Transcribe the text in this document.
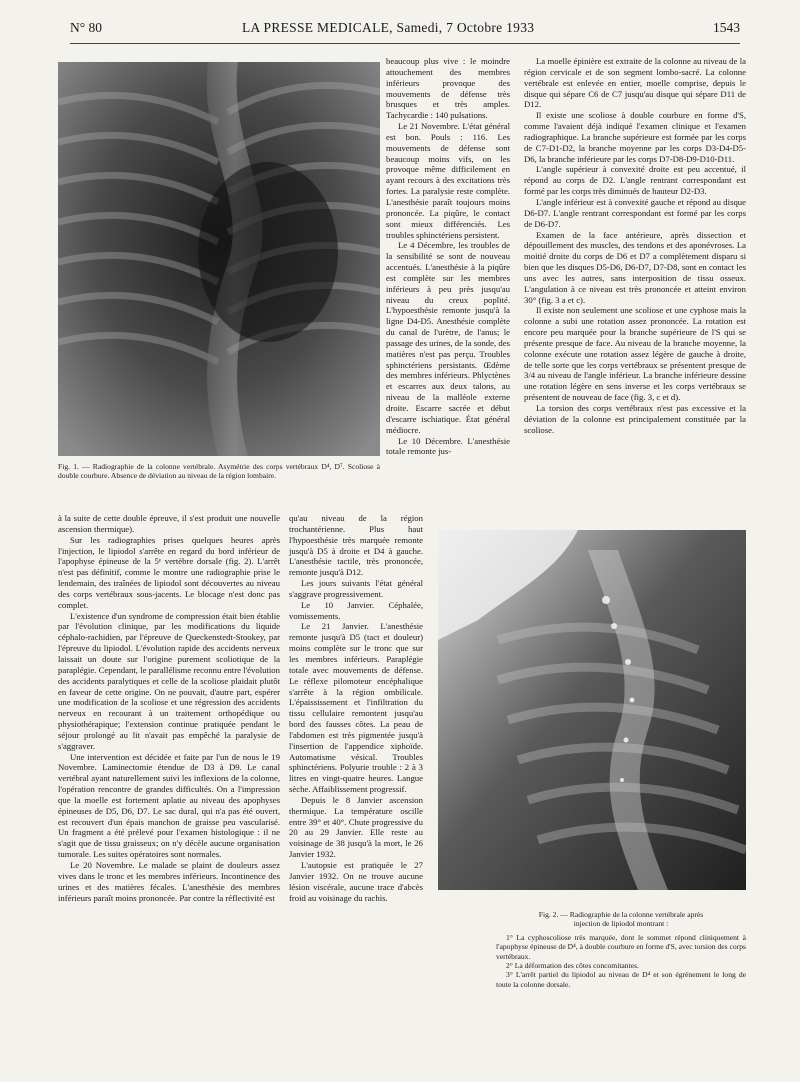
N° 80	LA PRESSE MEDICALE, Samedi, 7 Octobre 1933	1543

Fig. 1. — Radiographie de la colonne vertébrale. Asymétrie des corps vertébraux D⁴, D⁷. Scoliose à double courbure. Absence de déviation au niveau de la région lombaire.

beaucoup plus vive : le moindre attouchement des membres inférieurs provoque des mouvements de défense très brusques et très amples. Tachycardie : 140 pulsations.

Le 21 Novembre. L'état général est bon. Pouls : 116. Les mouvements de défense sont beaucoup moins vifs, on les provoque même difficilement en ayant recours à des excitations très fortes. La paralysie reste complète. L'anesthésie paraît toujours moins prononcée. La piqûre, le contact sont mieux différenciés. Les troubles sphinctériens persistent.

Le 4 Décembre, les troubles de la sensibilité se sont de nouveau accentués. L'anesthésie à la piqûre est complète sur les membres inférieurs à peu près jusqu'au niveau du creux poplité. L'hypoesthésie remonte jusqu'à la ligne D4-D5. Anesthésie complète du canal de l'urètre, de l'anus; le passage des urines, de la sonde, des matières n'est pas perçu. Troubles sphinctériens persistants. Œdème des membres inférieurs. Phlyctènes et escarres aux deux talons, au niveau de la malléole externe droite. Escarre sacrée et début d'escarre ischiatique. État général médiocre.

Le 10 Décembre. L'anesthésie totale remonte jus-

à la suite de cette double épreuve, il s'est produit une nouvelle ascension thermique).

Sur les radiographies prises quelques heures après l'injection, le lipiodol s'arrête en regard du bord inférieur de l'apophyse épineuse de la 5ᵉ vertèbre dorsale (fig. 2). L'arrêt n'est pas définitif, comme le montre une radiographie prise le lendemain, des traînées de lipiodol sont découvertes au niveau des corps vertébraux sous-jacents. Le blocage n'est donc pas complet.

L'existence d'un syndrome de compression était bien établie par l'évolution clinique, par les modifications du liquide céphalo-rachidien, par l'épreuve de Queckenstedt-Stookey, par l'épreuve du lipiodol. L'évolution rapide des accidents nerveux laissait un doute sur l'origine purement scoliotique de la paraplégie. Cependant, le parallélisme reconnu entre l'évolution des accidents paralytiques et celle de la scoliose plaidait plutôt en faveur de cette origine. On ne pouvait, d'autre part, espérer une modification de la scoliose et une régression des accidents nerveux en recourant à un traitement orthopédique ou physiothérapique; l'extension continue pratiquée pendant le séjour prolongé au lit n'avait pas empêché la paralysie de s'aggraver.

Une intervention est décidée et faite par l'un de nous le 19 Novembre. Laminectomie étendue de D3 à D9. Le canal vertébral ayant naturellement suivi les inflexions de la colonne, l'opération rencontre de grandes difficultés. On a l'impression que la moelle est fortement aplatie au niveau des apophyses épineuses de D5, D6, D7. Le sac dural, qui n'a pas été ouvert, est recouvert d'un épais manchon de graisse peu vascularisé. Un fragment a été prélevé pour l'examen histologique : il ne s'agit que de tissu graisseux; on n'y décèle aucune organisation tumorale. Les suites opératoires sont normales.

Le 20 Novembre. Le malade se plaint de douleurs assez vives dans le tronc et les membres inférieurs. Incontinence des urines et des matières fécales. L'anesthésie des membres inférieurs paraît moins prononcée. Par contre la réflectivité est

qu'au niveau de la région trochantérienne. Plus haut l'hypoesthésie très marquée remonte jusqu'à D5 à droite et D4 à gauche. L'anesthésie tactile, très prononcée, remonte jusqu'à D12.

Les jours suivants l'état général s'aggrave progressivement.

Le 10 Janvier. Céphalée, vomissements.

Le 21 Janvier. L'anesthésie remonte jusqu'à D5 (tact et douleur) moins complète sur le tronc que sur les membres inférieurs. Paraplégie totale avec mouvements de défense. Le réflexe pilomoteur encéphalique s'arrête à la région ombilicale. L'épaississement et l'infiltration du tissu cellulaire remontent jusqu'au bord des fausses côtes. La peau de l'abdomen est très pigmentée jusqu'à l'insertion de l'appendice xiphoïde. Automatisme vésical. Troubles sphinctériens. Polyurie trouble : 2 à 3 litres en vingt-quatre heures. Langue sèche. Affaiblissement progressif.

Depuis le 8 Janvier ascension thermique. La température oscille entre 39° et 40°. Chute progressive du 20 au 29 Janvier. Elle reste au voisinage de 38 jusqu'à la mort, le 26 Janvier 1932.

L'autopsie est pratiquée le 27 Janvier 1932. On ne trouve aucune lésion viscérale, aucune trace d'abcès froid au voisinage du rachis.

La moelle épinière est extraite de la colonne au niveau de la région cervicale et de son segment lombo-sacré. La colonne vertébrale est enlevée en entier, moelle comprise, depuis le disque qui sépare C6 de C7 jusqu'au disque qui sépare D11 de D12.

Il existe une scoliose à double courbure en forme d'S, comme l'avaient déjà indiqué l'examen clinique et l'examen radiographique. La branche supérieure est formée par les corps de C7-D1-D2, la branche moyenne par les corps D3-D4-D5-D6, la branche inférieure par les corps D7-D8-D9-D10-D11.

L'angle supérieur à convexité droite est peu accentué, il répond au corps de D2. L'angle rentrant correspondant est formé par les corps très diminués de hauteur D2-D3.

L'angle inférieur est à convexité gauche et répond au disque D6-D7. L'angle rentrant correspondant est formé par les corps de D6-D7.

Examen de la face antérieure, après dissection et dépouillement des muscles, des tendons et des aponévroses. La moitié droite du corps de D6 et D7 a complètement disparu si bien que les disques D5-D6, D6-D7, D7-D8, sont en contact les uns avec les autres, sans interposition de tissu osseux. L'angulation à ce niveau est très prononcée et atteint environ 30° (fig. 3 a et c).

Il existe non seulement une scoliose et une cyphose mais la colonne a subi une rotation assez prononcée. La rotation est encore peu marquée pour la branche supérieure de l'S qui se présente presque de face. Au niveau de la branche moyenne, la colonne exécute une rotation assez légère de gauche à droite, de telle sorte que les corps vertébraux se présentent presque de 3/4 au niveau de l'angle inférieur. La branche inférieure dessine une rotation légère en sens inverse et les corps vertébraux se présentent de nouveau de face (fig. 3, c et d).

La torsion des corps vertébraux n'est pas excessive et la déviation de la colonne est principalement constituée par la scoliose.

Fig. 2. — Radiographie de la colonne vertébrale après injection de lipiodol montrant :

1° La cyphoscoliose très marquée, dont le sommet répond cliniquement à l'apophyse épineuse de D⁴, à double courbure en forme d'S, avec torsion des corps vertébraux.

2° La déformation des côtes concomitantes.

3° L'arrêt partiel du lipiodol au niveau de D⁴ et son égrènement le long de toute la colonne dorsale.
